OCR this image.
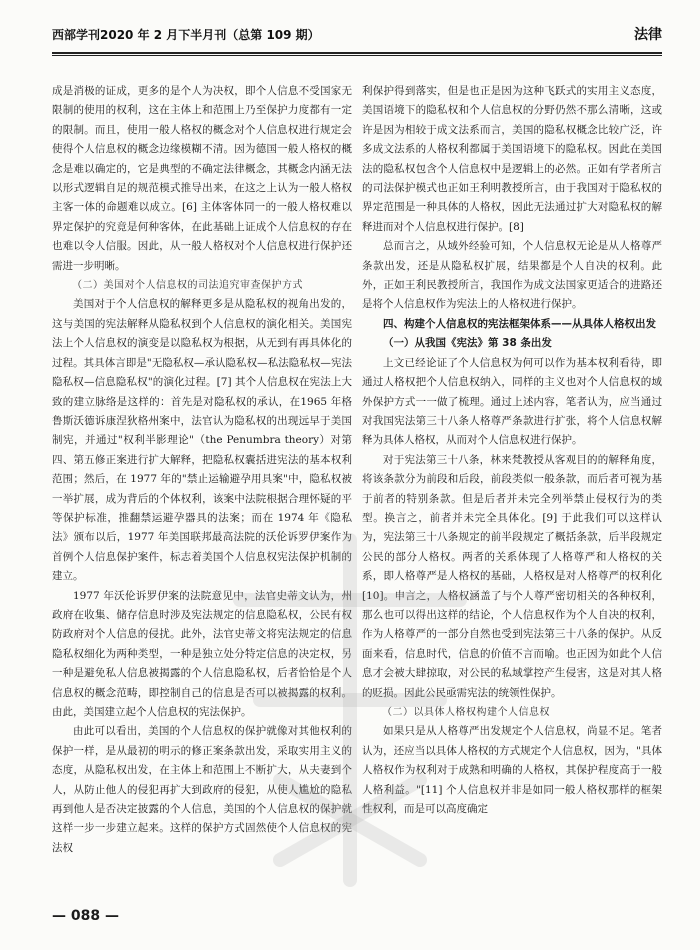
西部学刊2020 年 2 月下半月刊（总第 109 期）	法律

成是消极的证成，更多的是个人为决权，即个人信息不受国家无限制的使用的权利，这在主体上和范围上乃至保护力度都有一定的限制。而且，使用一般人格权的概念对个人信息权进行规定会使得个人信息权的概念边缘模糊不清。因为德国一般人格权的概念是难以确定的，它是典型的不确定法律概念，其概念内涵无法以形式逻辑自足的规范模式推导出来，在这之上认为一般人格权主客一体的命题难以成立。[6] 主体客体同一的一般人格权难以界定保护的究竟是何种客体，在此基础上证成个人信息权的存在也难以令人信服。因此，从一般人格权对个人信息权进行保护还需进一步明晰。

（二）美国对个人信息权的司法追究审查保护方式

美国对于个人信息权的解释更多是从隐私权的视角出发的，这与美国的宪法解释从隐私权到个人信息权的演化相关。美国宪法上个人信息权的演变是以隐私权为根据，从无到有再具体化的过程。其具体言即是"无隐私权—承认隐私权—私法隐私权—宪法隐私权—信息隐私权"的演化过程。[7] 其个人信息权在宪法上大致的建立脉络是这样的：首先是对隐私权的承认，在1965 年格鲁斯沃德诉康涅狄格州案中，法官认为隐私权的出现远早于美国制宪，并通过"权利半影理论"（the Penumbra theory）对第四、第五修正案进行扩大解释，把隐私权囊括进宪法的基本权利范围；然后，在 1977 年的"禁止运输避孕用具案"中，隐私权被一举扩展，成为背后的个体权利，该案中法院根据合理怀疑的平等保护标准，推翻禁运避孕器具的法案；而在 1974 年《隐私法》颁布以后，1977 年美国联邦最高法院的沃伦诉罗伊案作为首例个人信息保护案件，标志着美国个人信息权宪法保护机制的建立。

1977 年沃伦诉罗伊案的法院意见中，法官史蒂文认为，州政府在收集、储存信息时涉及宪法规定的信息隐私权，公民有权防政府对个人信息的侵扰。此外，法官史蒂文将宪法规定的信息隐私权细化为两种类型，一种是独立处分特定信息的决定权，另一种是避免私人信息被揭露的个人信息隐私权，后者恰恰是个人信息权的概念范畴，即控制自己的信息是否可以被揭露的权利。由此，美国建立起个人信息权的宪法保护。

由此可以看出，美国的个人信息权的保护就像对其他权利的保护一样，是从最初的明示的修正案条款出发，采取实用主义的态度，从隐私权出发，在主体上和范围上不断扩大，从夫妻到个人，从防止他人的侵犯再扩大到政府的侵犯，从使人尴尬的隐私再到他人是否决定披露的个人信息，美国的个人信息权的保护就这样一步一步建立起来。这样的保护方式固然使个人信息权的宪法权

利保护得到落实，但是也正是因为这种飞跃式的实用主义态度，美国语境下的隐私权和个人信息权的分野仍然不那么清晰，这或许是因为相较于成文法系而言，美国的隐私权概念比较广泛，许多成文法系的人格权利都属于美国语境下的隐私权。因此在美国法的隐私权包含个人信息权中是逻辑上的必然。正如有学者所言的司法保护模式也正如王利明教授所言，由于我国对于隐私权的界定范围是一种具体的人格权，因此无法通过扩大对隐私权的解释进而对个人信息权进行保护。[8]

总而言之，从域外经验可知，个人信息权无论是从人格尊严条款出发，还是从隐私权扩展，结果都是个人自决的权利。此外，正如王利民教授所言，我国作为成文法国家更适合的进路还是将个人信息权作为宪法上的人格权进行保护。

四、构建个人信息权的宪法框架体系——从具体人格权出发

（一）从我国《宪法》第 38 条出发

上文已经论证了个人信息权为何可以作为基本权利看待，即通过人格权把个人信息权纳入，同样的主义也对个人信息权的域外保护方式一一做了梳理。通过上述内容，笔者认为，应当通过对我国宪法第三十八条人格尊严条款进行扩张，将个人信息权解释为具体人格权，从而对个人信息权进行保护。

对于宪法第三十八条，林来梵教授从客观目的的解释角度，将该条款分为前段和后段，前段类似一般条款，而后者可视为基于前者的特别条款。但是后者并未完全列举禁止侵权行为的类型。换言之，前者并未完全具体化。[9] 于此我们可以这样认为，宪法第三十八条规定的前半段规定了概括条款，后半段规定公民的部分人格权。两者的关系体现了人格尊严和人格权的关系，即人格尊严是人格权的基础，人格权是对人格尊严的权利化[10]。申言之，人格权涵盖了与个人尊严密切相关的各种权利，那么也可以得出这样的结论，个人信息权作为个人自决的权利，作为人格尊严的一部分自然也受到宪法第三十八条的保护。从反面来看，信息时代，信息的价值不言而喻。也正因为如此个人信息才会被大肆掠取，对公民的私域掌控产生侵害，这是对其人格的贬损。因此公民亟需宪法的统领性保护。

（二）以具体人格权构建个人信息权

如果只是从人格尊严出发规定个人信息权，尚显不足。笔者认为，还应当以具体人格权的方式规定个人信息权，因为，"具体人格权作为权利对于成熟和明确的人格权，其保护程度高于一般人格利益。"[11] 个人信息权并非是如同一般人格权那样的框架性权利，而是可以高度确定

— 088 —
